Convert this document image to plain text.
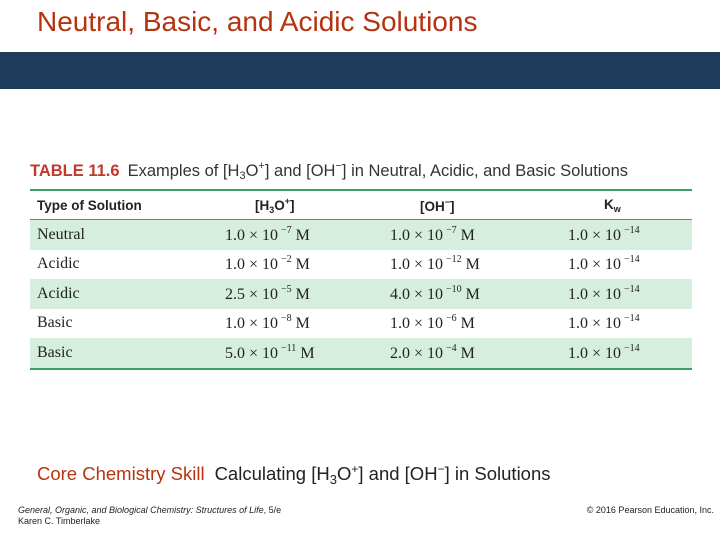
Neutral, Basic, and Acidic Solutions
TABLE 11.6 Examples of $[H_3O^+]$ and [OH−] in Neutral, Acidic, and Basic Solutions
Type of Solution	$[H_3O^+]$	[OH−]	$K_w$
Neutral	1.0 × 10 $^{-7}$ M	1.0 × 10 $^{-7}$ M	1.0 × 10 $^{-14}$
Acidic	1.0 × 10 $^{-2}$ M	1.0 × 10 $^{-12}$ M	1.0 × 10 $^{-14}$
Acidic	2.5 × 10 $^{-5}$ M	4.0 × 10 $^{-10}$ M	1.0 × 10 $^{-14}$
Basic	1.0 × 10 $^{-8}$ M	1.0 × 10 $^{-6}$ M	1.0 × 10 $^{-14}$
Basic	5.0 × 10 $^{-11}$ M	2.0 × 10 $^{-4}$ M	1.0 × 10 $^{-14}$
Core Chemistry Skill Calculating $[H_3O^+]$ and [OH−] in Solutions
General, Organic, and Biological Chemistry: Structures of Life, 5/e
Karen C. Timberlake
© 2016 Pearson Education, Inc.
